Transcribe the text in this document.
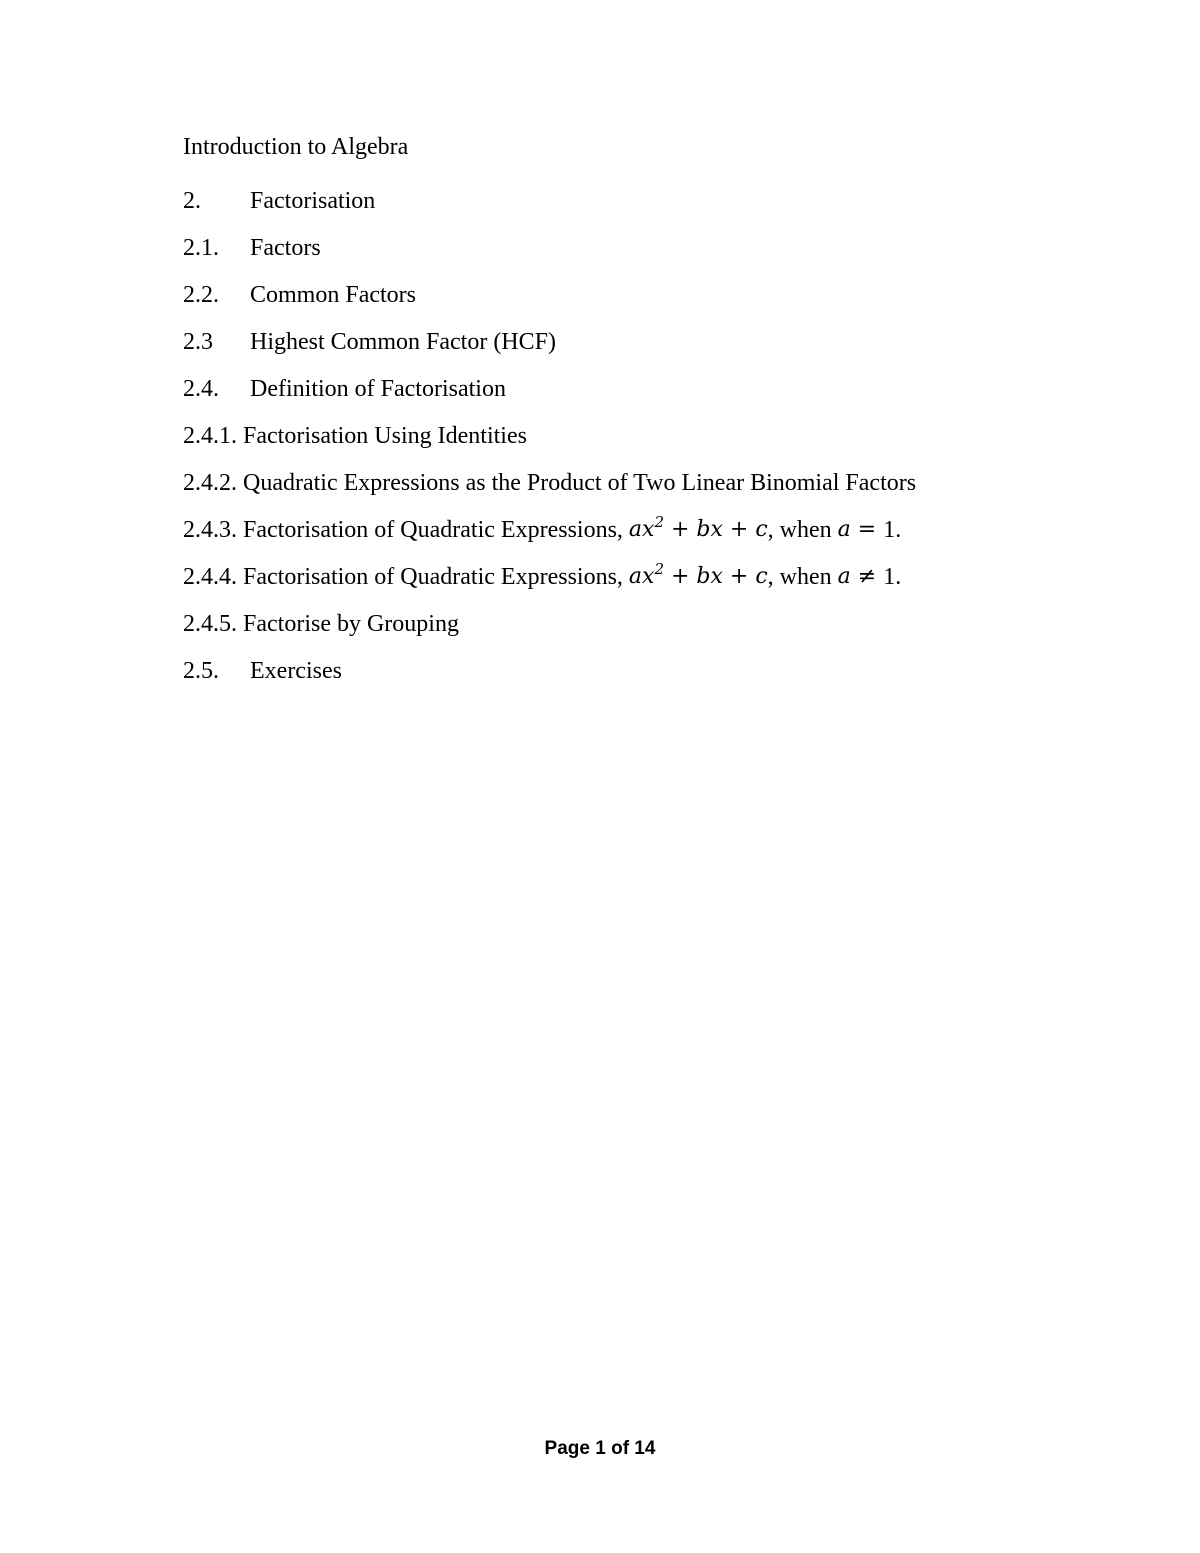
Introduction to Algebra
2.	Factorisation
2.1.	Factors
2.2.	Common Factors
2.3	Highest Common Factor (HCF)
2.4.	Definition of Factorisation
2.4.1. Factorisation Using Identities
2.4.2. Quadratic Expressions as the Product of Two Linear Binomial Factors
2.4.3. Factorisation of Quadratic Expressions,
$ax^2$ + bx + c , when a = 1.
2.4.4. Factorisation of Quadratic Expressions,
$ax^2$ + bx + c , when a ≠ 1.
2.4.5. Factorise by Grouping
2.5.	Exercises
Page 1 of 14
